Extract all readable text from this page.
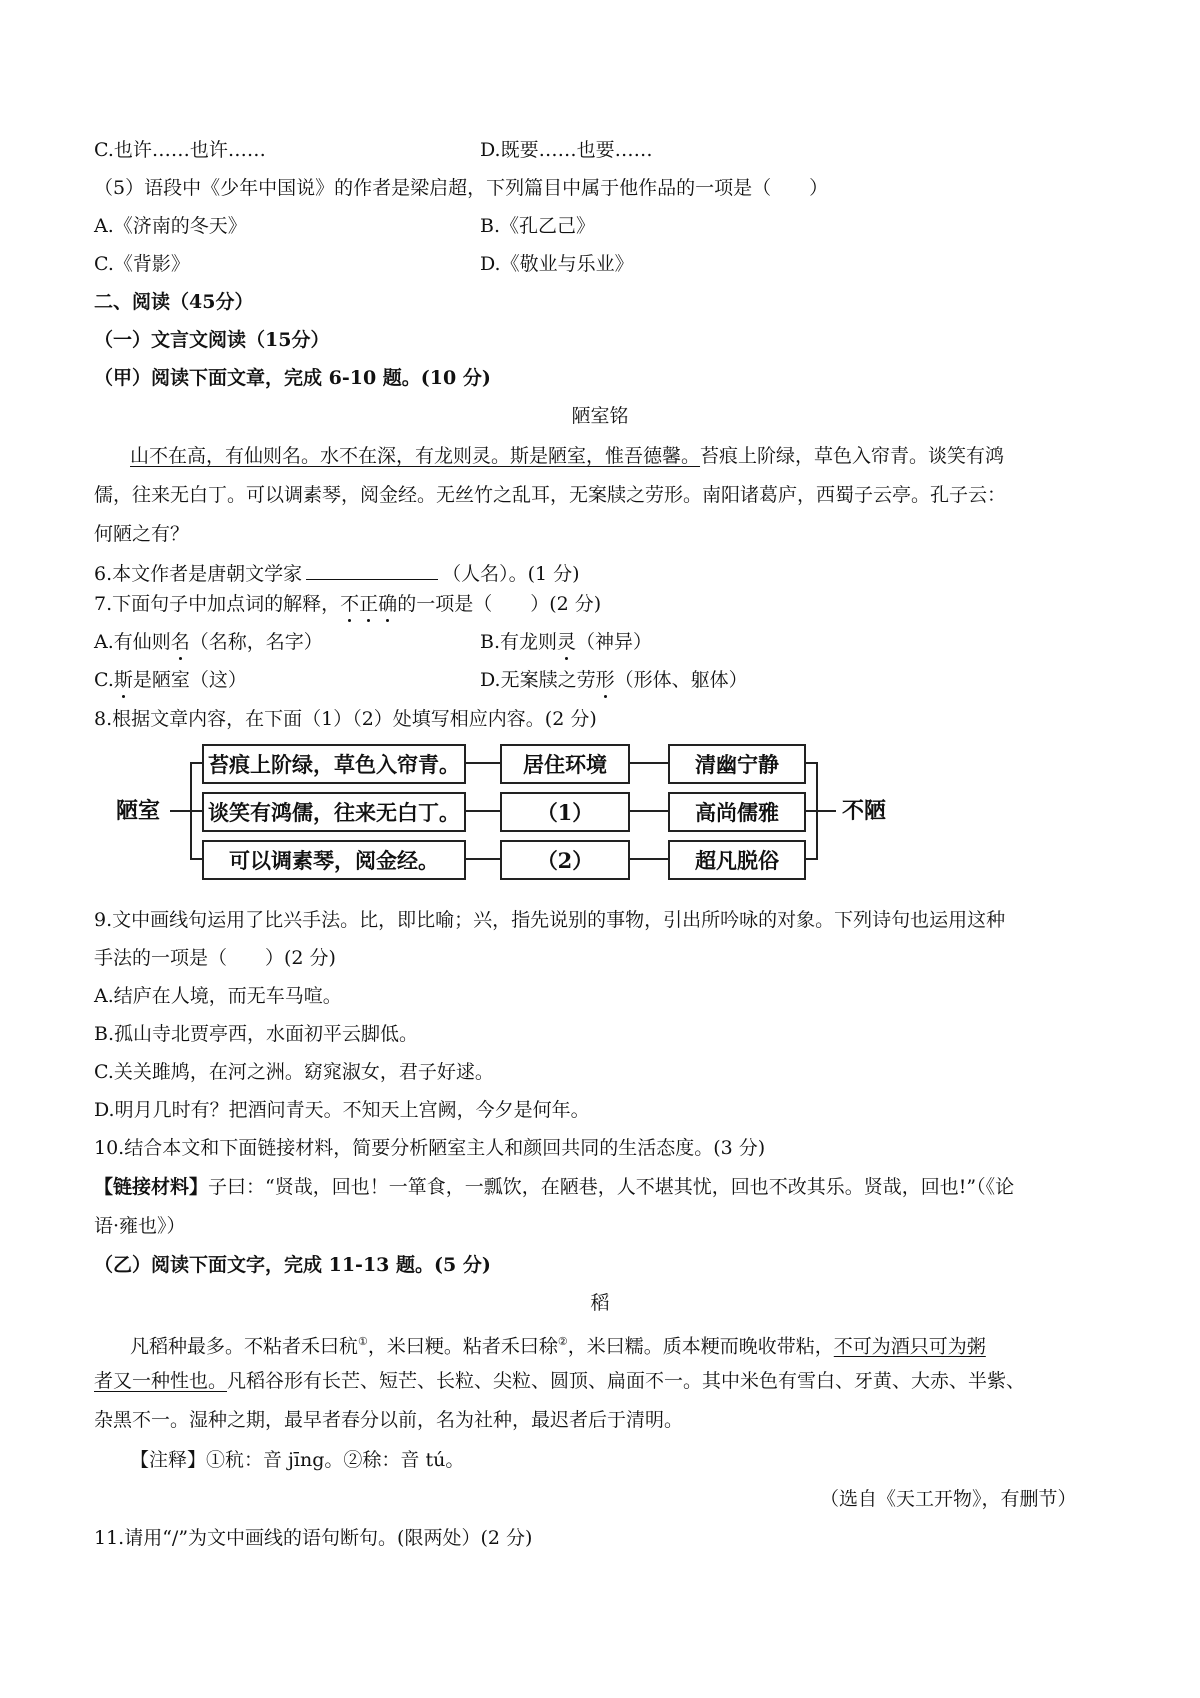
C.也许……也许……	D.既要……也要……
（5）语段中《少年中国说》的作者是梁启超，下列篇目中属于他作品的一项是（　　）
A.《济南的冬天》	B.《孔乙己》
C.《背影》	D.《敬业与乐业》
二、阅读（45分）
（一）文言文阅读（15分）
（甲）阅读下面文章，完成 6-10 题。(10 分)
陋室铭
山不在高，有仙则名。水不在深，有龙则灵。斯是陋室，惟吾德馨。苔痕上阶绿，草色入帘青。谈笑有鸿
儒，往来无白丁。可以调素琴，阅金经。无丝竹之乱耳，无案牍之劳形。南阳诸葛庐，西蜀子云亭。孔子云：
何陋之有？
6.本文作者是唐朝文学家	（人名）。(1 分)
7.下面句子中加点词的解释，不正确的一项是（　　）(2 分)
A.有仙则名（名称，名字）	B.有龙则灵（神异）
C.斯是陋室（这）	D.无案牍之劳形（形体、躯体）
8.根据文章内容，在下面（1）（2）处填写相应内容。(2 分)
陋室
苔痕上阶绿，草色入帘青。	居住环境	清幽宁静
谈笑有鸿儒，往来无白丁。	（1）	高尚儒雅
可以调素琴，阅金经。	（2）	超凡脱俗
不陋
9.文中画线句运用了比兴手法。比，即比喻；兴，指先说别的事物，引出所吟咏的对象。下列诗句也运用这种
手法的一项是（　　）(2 分)
A.结庐在人境，而无车马喧。
B.孤山寺北贾亭西，水面初平云脚低。
C.关关雎鸠，在河之洲。窈窕淑女，君子好逑。
D.明月几时有？把酒问青天。不知天上宫阙，今夕是何年。
10.结合本文和下面链接材料，简要分析陋室主人和颜回共同的生活态度。(3 分)
【链接材料】子曰：“贤哉，回也！一箪食，一瓢饮，在陋巷，人不堪其忧，回也不改其乐。贤哉，回也!”（《论
语·雍也》）
（乙）阅读下面文字，完成 11-13 题。(5 分)
稻
凡稻种最多。不粘者禾曰秔①，米曰粳。粘者禾曰稌②，米曰糯。质本粳而晚收带粘，不可为酒只可为粥
者又一种性也。凡稻谷形有长芒、短芒、长粒、尖粒、圆顶、扁面不一。其中米色有雪白、牙黄、大赤、半紫、
杂黑不一。湿种之期，最早者春分以前，名为社种，最迟者后于清明。
【注释】①秔：音 jīng。②稌：音 tú。
（选自《天工开物》，有删节）
11.请用“/”为文中画线的语句断句。(限两处）(2 分)
